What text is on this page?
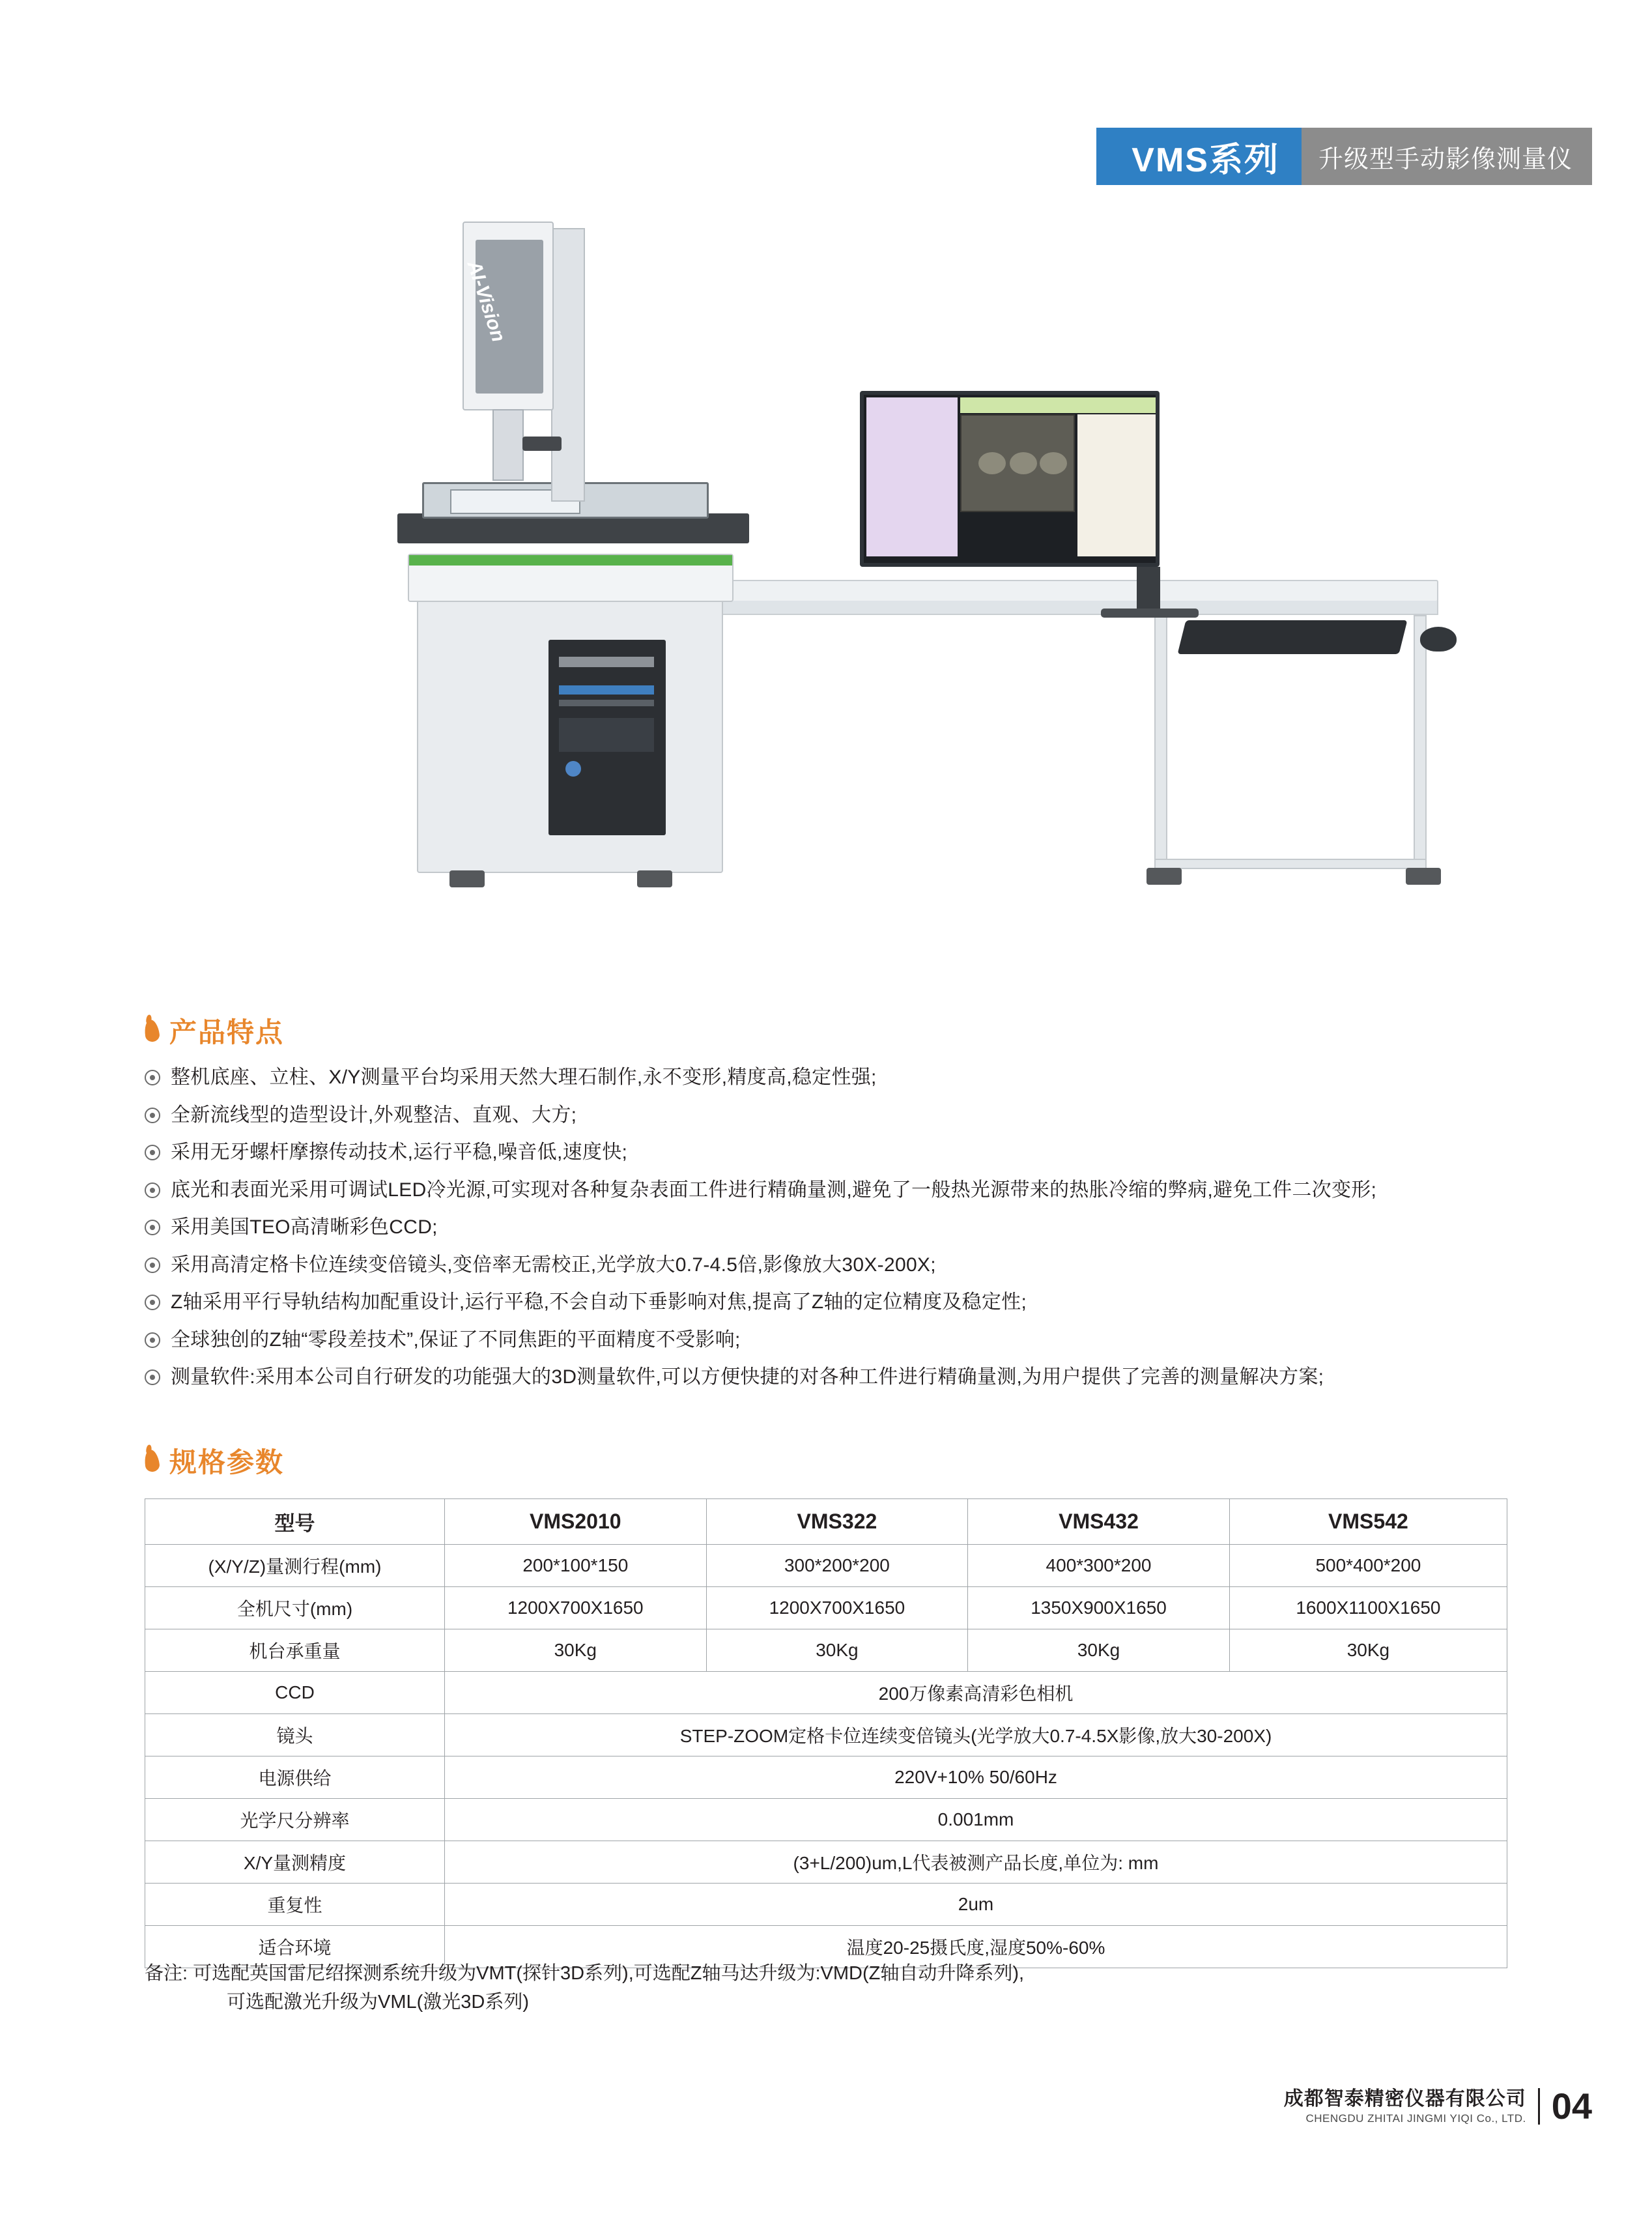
VMS系列	升级型手动影像测量仪
AI-Vision
产品特点
整机底座、立柱、X/Y测量平台均采用天然大理石制作,永不变形,精度高,稳定性强;
全新流线型的造型设计,外观整洁、直观、大方;
采用无牙螺杆摩擦传动技术,运行平稳,噪音低,速度快;
底光和表面光采用可调试LED冷光源,可实现对各种复杂表面工件进行精确量测,避免了一般热光源带来的热胀冷缩的弊病,避免工件二次变形;
采用美国TEO高清晰彩色CCD;
采用高清定格卡位连续变倍镜头,变倍率无需校正,光学放大0.7-4.5倍,影像放大30X-200X;
Z轴采用平行导轨结构加配重设计,运行平稳,不会自动下垂影响对焦,提高了Z轴的定位精度及稳定性;
全球独创的Z轴“零段差技术”,保证了不同焦距的平面精度不受影响;
测量软件:采用本公司自行研发的功能强大的3D测量软件,可以方便快捷的对各种工件进行精确量测,为用户提供了完善的测量解决方案;
规格参数
型号	VMS2010	VMS322	VMS432	VMS542
(X/Y/Z)量测行程(mm)	200*100*150	300*200*200	400*300*200	500*400*200
全机尺寸(mm)	1200X700X1650	1200X700X1650	1350X900X1650	1600X1100X1650
机台承重量	30Kg	30Kg	30Kg	30Kg
CCD	200万像素高清彩色相机			
镜头	STEP-ZOOM定格卡位连续变倍镜头(光学放大0.7-4.5X影像,放大30-200X)			
电源供给	220V+10% 50/60Hz			
光学尺分辨率	0.001mm			
X/Y量测精度	(3+L/200)um,L代表被测产品长度,单位为: mm			
重复性	2um			
适合环境	温度20-25摄氏度,湿度50%-60%			
备注: 可选配英国雷尼绍探测系统升级为VMT(探针3D系列),可选配Z轴马达升级为:VMD(Z轴自动升降系列),
可选配激光升级为VML(激光3D系列)
成都智泰精密仪器有限公司
CHENGDU ZHITAI JINGMI YIQI Co., LTD. 04
